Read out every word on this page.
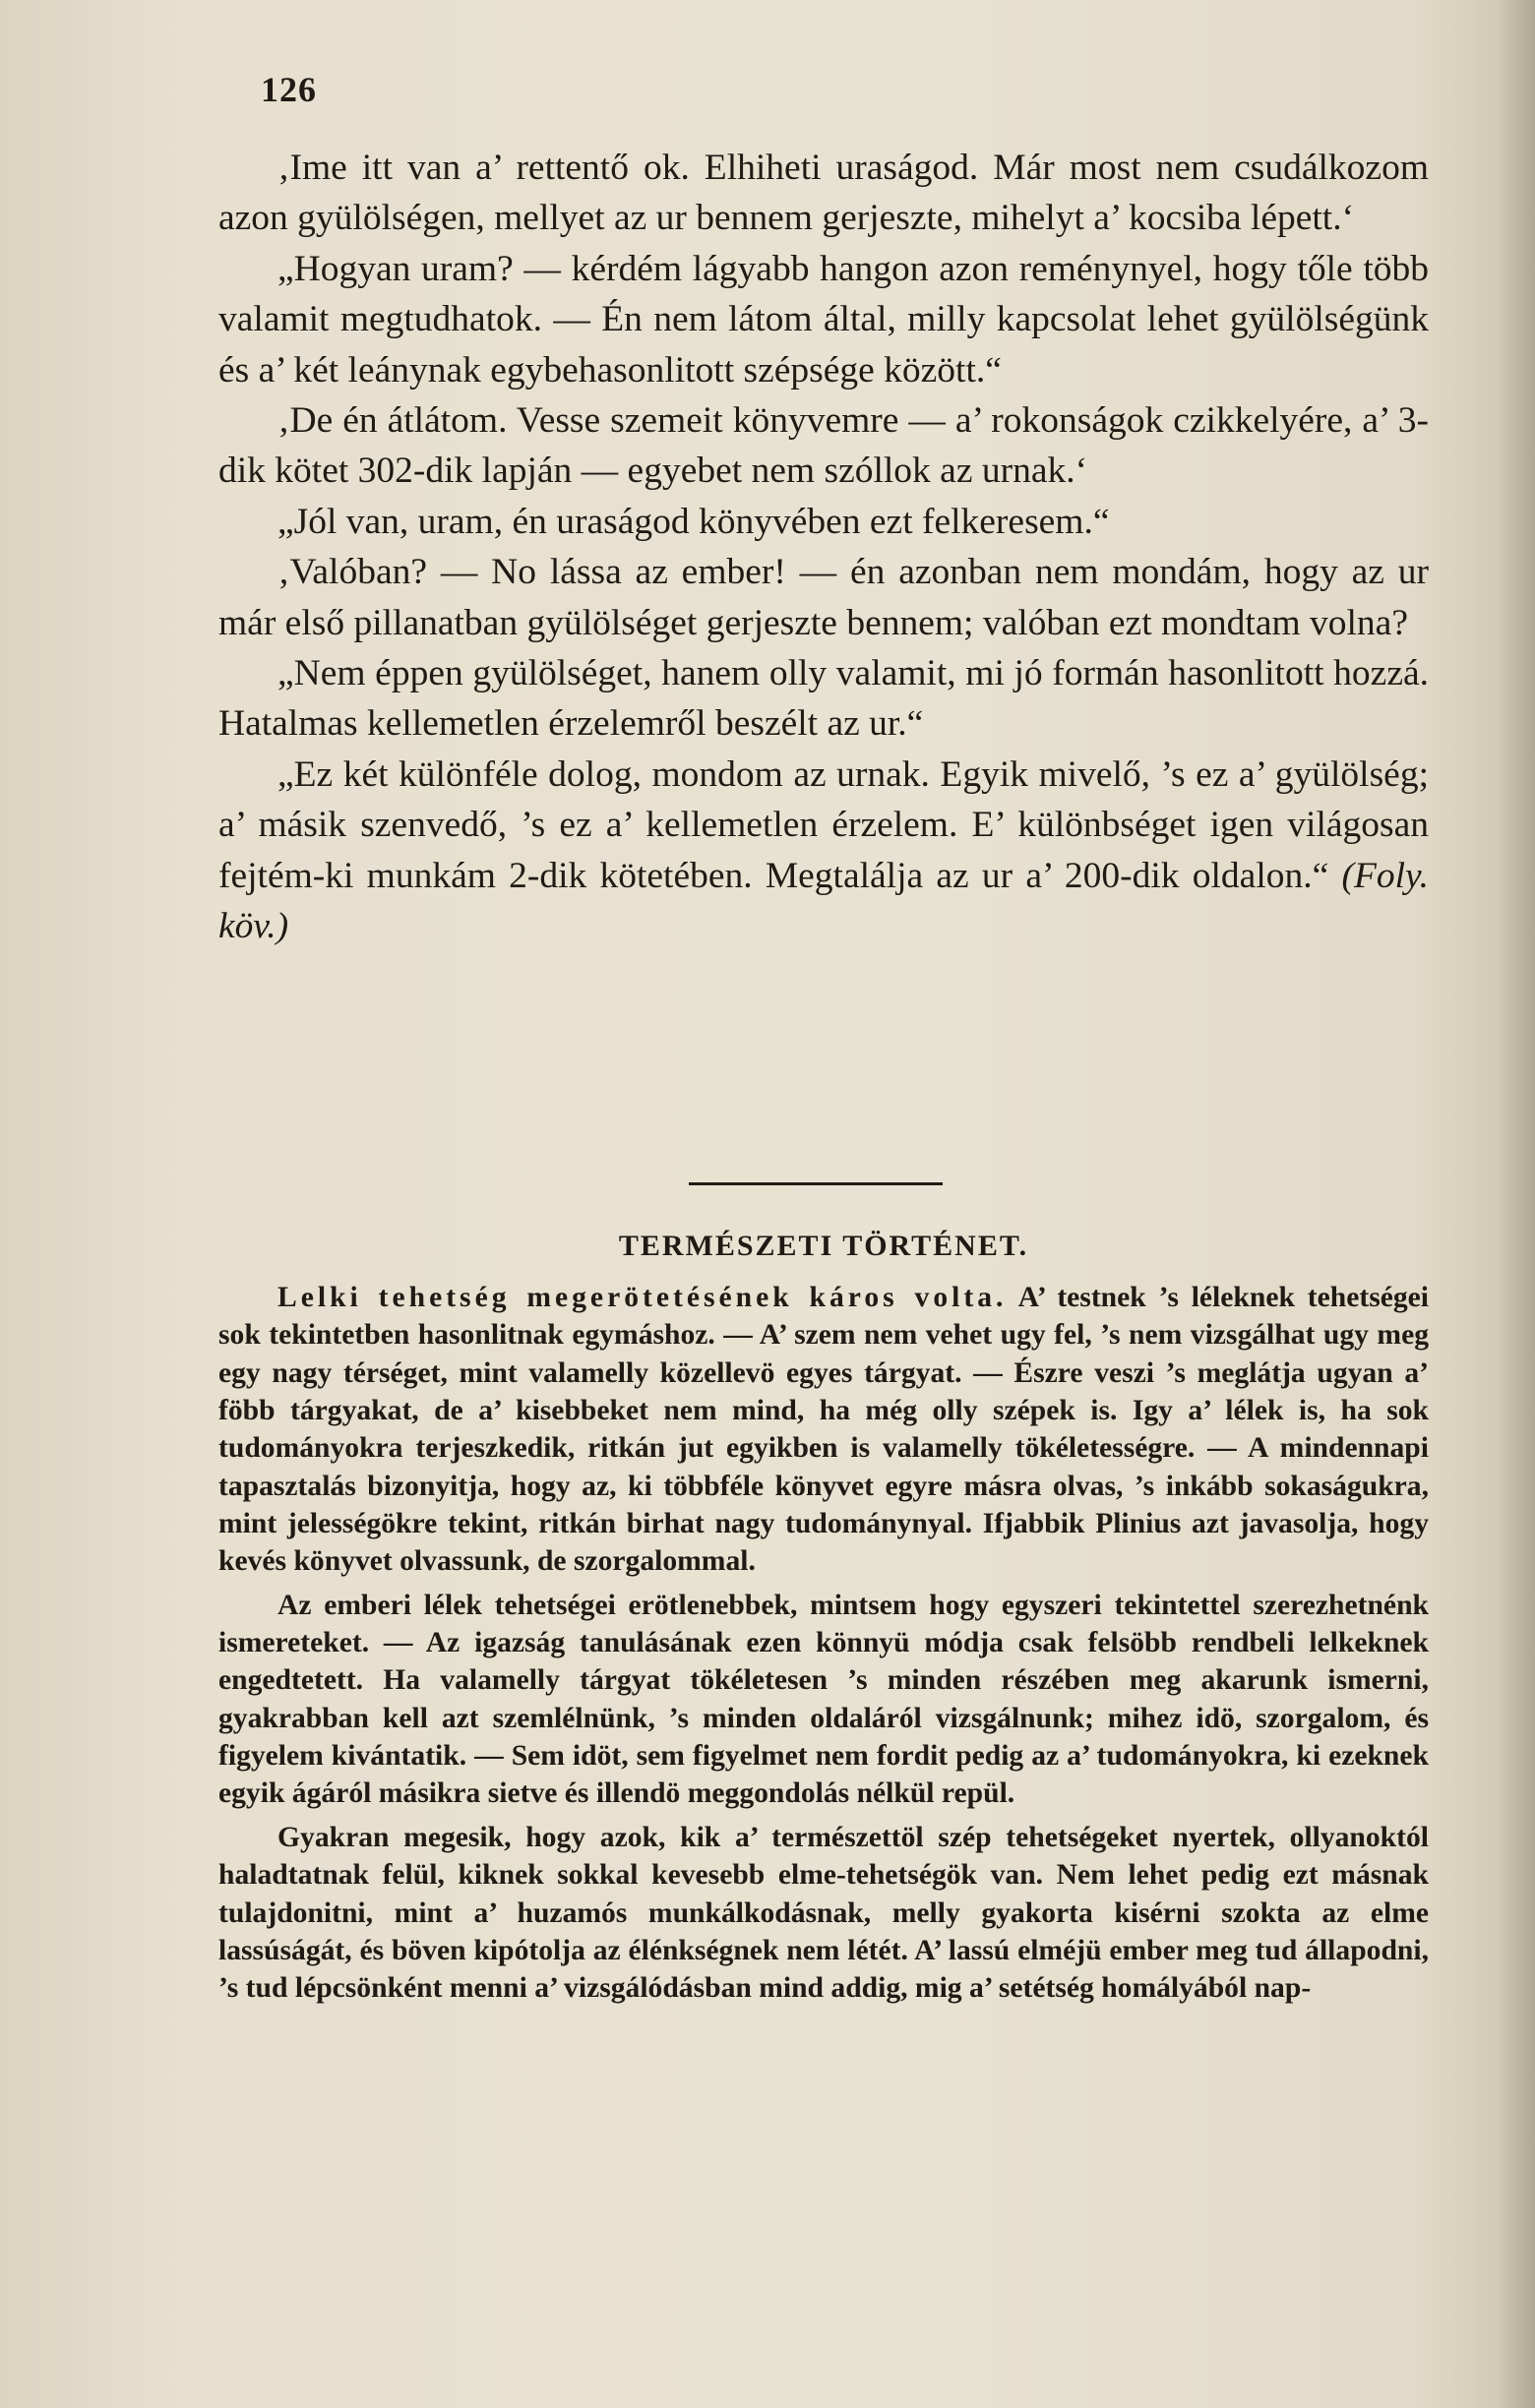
126

‚Ime itt van a’ rettentő ok. Elhiheti uraságod. Már most nem csudálkozom azon gyülölségen, mellyet az ur bennem gerjeszte, mihelyt a’ kocsiba lépett.‘

„Hogyan uram? — kérdém lágyabb hangon azon reménynyel, hogy tőle több valamit megtudhatok. — Én nem látom által, milly kapcsolat lehet gyülölségünk és a’ két leánynak egybehasonlitott szépsége között.“

‚De én átlátom. Vesse szemeit könyvemre — a’ rokonságok czikkelyére, a’ 3-dik kötet 302-dik lapján — egyebet nem szóllok az urnak.‘

„Jól van, uram, én uraságod könyvében ezt felkeresem.“

‚Valóban? — No lássa az ember! — én azonban nem mondám, hogy az ur már első pillanatban gyülölséget gerjeszte bennem; valóban ezt mondtam volna?

„Nem éppen gyülölséget, hanem olly valamit, mi jó formán hasonlitott hozzá. Hatalmas kellemetlen érzelemről beszélt az ur.“

„Ez két különféle dolog, mondom az urnak. Egyik mivelő, ’s ez a’ gyülölség; a’ másik szenvedő, ’s ez a’ kellemetlen érzelem. E’ különbséget igen világosan fejtém-ki munkám 2-dik kötetében. Megtalálja az ur a’ 200-dik oldalon.“ (Foly. köv.)

TERMÉSZETI TÖRTÉNET.

Lelki tehetség megerötetésének káros volta. A’ testnek ’s léleknek tehetségei sok tekintetben hasonlitnak egymáshoz. — A’ szem nem vehet ugy fel, ’s nem vizsgálhat ugy meg egy nagy térséget, mint valamelly közellevö egyes tárgyat. — Észre veszi ’s meglátja ugyan a’ föbb tárgyakat, de a’ kisebbeket nem mind, ha még olly szépek is. Igy a’ lélek is, ha sok tudományokra terjeszkedik, ritkán jut egyikben is valamelly tökéletességre. — A mindennapi tapasztalás bizonyitja, hogy az, ki többféle könyvet egyre másra olvas, ’s inkább sokaságukra, mint jelességökre tekint, ritkán birhat nagy tudománynyal. Ifjabbik Plinius azt javasolja, hogy kevés könyvet olvassunk, de szorgalommal.

Az emberi lélek tehetségei erötlenebbek, mintsem hogy egyszeri tekintettel szerezhetnénk ismereteket. — Az igazság tanulásának ezen könnyü módja csak felsöbb rendbeli lelkeknek engedtetett. Ha valamelly tárgyat tökéletesen ’s minden részében meg akarunk ismerni, gyakrabban kell azt szemlélnünk, ’s minden oldaláról vizsgálnunk; mihez idö, szorgalom, és figyelem kivántatik. — Sem idöt, sem figyelmet nem fordit pedig az a’ tudományokra, ki ezeknek egyik ágáról másikra sietve és illendö meggondolás nélkül repül.

Gyakran megesik, hogy azok, kik a’ természettöl szép tehetségeket nyertek, ollyanoktól haladtatnak felül, kiknek sokkal kevesebb elme-tehetségök van. Nem lehet pedig ezt másnak tulajdonitni, mint a’ huzamós munkálkodásnak, melly gyakorta kisérni szokta az elme lassúságát, és böven kipótolja az élénkségnek nem létét. A’ lassú elméjü ember meg tud állapodni, ’s tud lépcsönként menni a’ vizsgálódásban mind addig, mig a’ setétség homályából nap-
